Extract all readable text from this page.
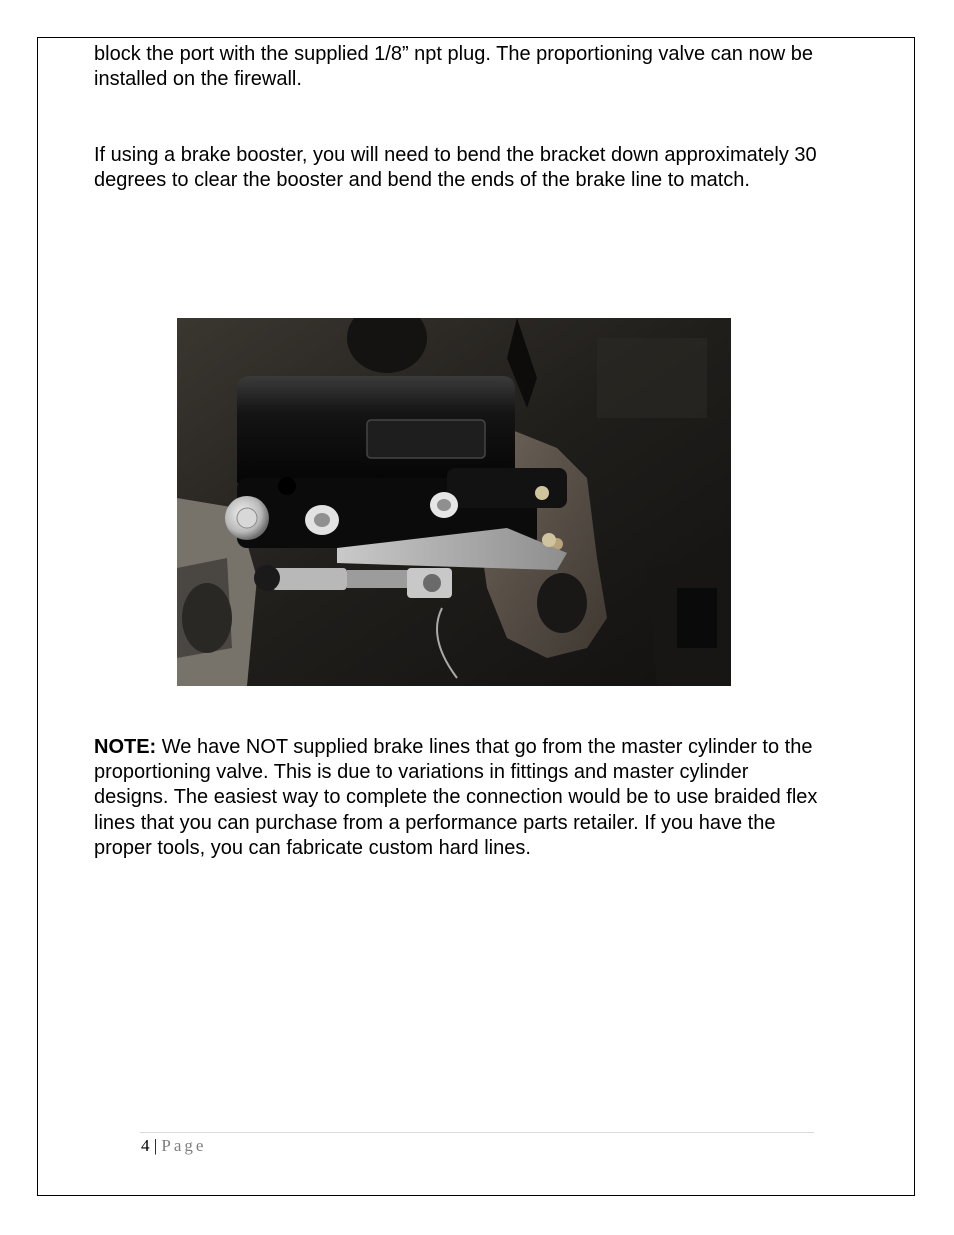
block the port with the supplied 1/8” npt plug. The proportioning valve can now be installed on the firewall.

If using a brake booster, you will need to bend the bracket down approximately 30 degrees to clear the booster and bend the ends of the brake line to match.

NOTE: We have NOT supplied brake lines that go from the master cylinder to the proportioning valve. This is due to variations in fittings and master cylinder designs. The easiest way to complete the connection would be to use braided flex lines that you can purchase from a performance parts retailer. If you have the proper tools, you can fabricate custom hard lines.

4 | Page
